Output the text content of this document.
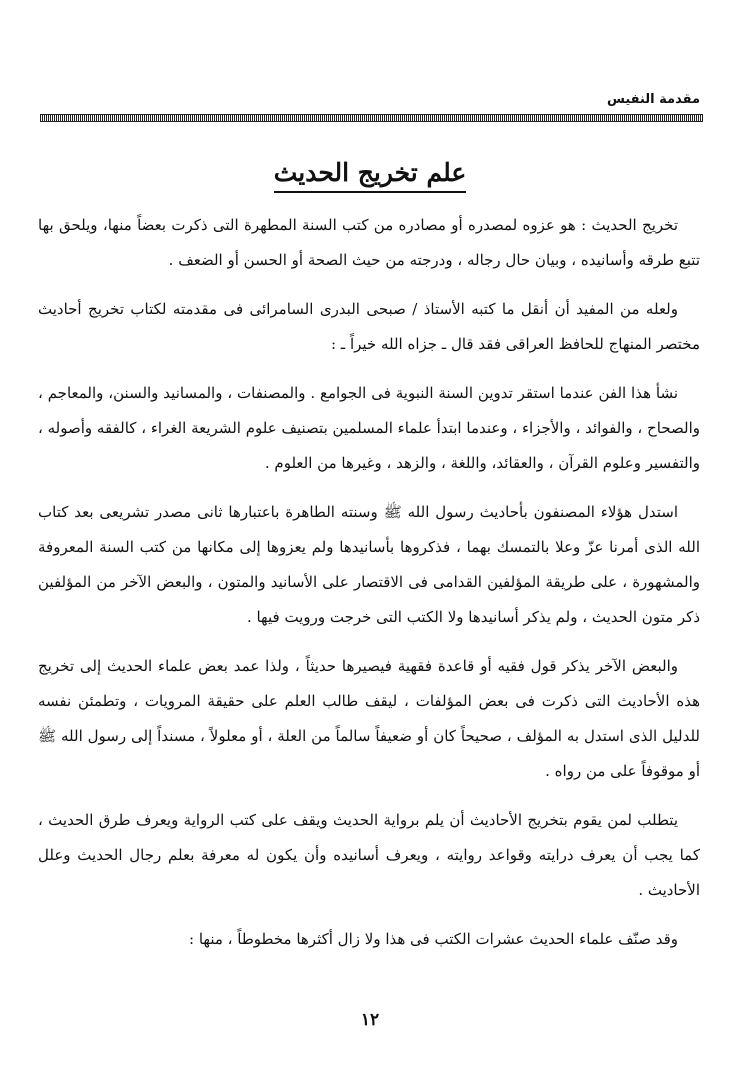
مقدمة النفيس
علم تخريج الحديث

تخريج الحديث : هو عزوه لمصدره أو مصادره من كتب السنة المطهرة التى ذكرت بعضاً منها، ويلحق بها تتبع طرقه وأسانيده ، وبيان حال رجاله ، ودرجته من حيث الصحة أو الحسن أو الضعف .

ولعله من المفيد أن أنقل ما كتبه الأستاذ / صبحى البدرى السامرائى فى مقدمته لكتاب تخريج أحاديث مختصر المنهاج للحافظ العراقى فقد قال ـ جزاه الله خيراً ـ :

نشأ هذا الفن عندما استقر تدوين السنة النبوية فى الجوامع . والمصنفات ، والمسانيد والسنن، والمعاجم ، والصحاح ، والفوائد ، والأجزاء ، وعندما ابتدأ علماء المسلمين بتصنيف علوم الشريعة الغراء ، كالفقه وأصوله ، والتفسير وعلوم القرآن ، والعقائد، واللغة ، والزهد ، وغيرها من العلوم .

استدل هؤلاء المصنفون بأحاديث رسول الله ﷺ وسنته الطاهرة باعتبارها ثانى مصدر تشريعى بعد كتاب الله الذى أمرنا عزّ وعلا بالتمسك بهما ، فذكروها بأسانيدها ولم يعزوها إلى مكانها من كتب السنة المعروفة والمشهورة ، على طريقة المؤلفين القدامى فى الاقتصار على الأسانيد والمتون ، والبعض الآخر من المؤلفين ذكر متون الحديث ، ولم يذكر أسانيدها ولا الكتب التى خرجت ورويت فيها .

والبعض الآخر يذكر قول فقيه أو قاعدة فقهية فيصيرها حديثاً ، ولذا عمد بعض علماء الحديث إلى تخريج هذه الأحاديث التى ذكرت فى بعض المؤلفات ، ليقف طالب العلم على حقيقة المرويات ، وتطمئن نفسه للدليل الذى استدل به المؤلف ، صحيحاً كان أو ضعيفاً سالماً من العلة ، أو معلولاً ، مسنداً إلى رسول الله ﷺ أو موقوفاً على من رواه .

يتطلب لمن يقوم بتخريج الأحاديث أن يلم برواية الحديث ويقف على كتب الرواية ويعرف طرق الحديث ، كما يجب أن يعرف درايته وقواعد روايته ، ويعرف أسانيده وأن يكون له معرفة بعلم رجال الحديث وعلل الأحاديث .

وقد صنّف علماء الحديث عشرات الكتب فى هذا ولا زال أكثرها مخطوطاً ، منها :

١٢
